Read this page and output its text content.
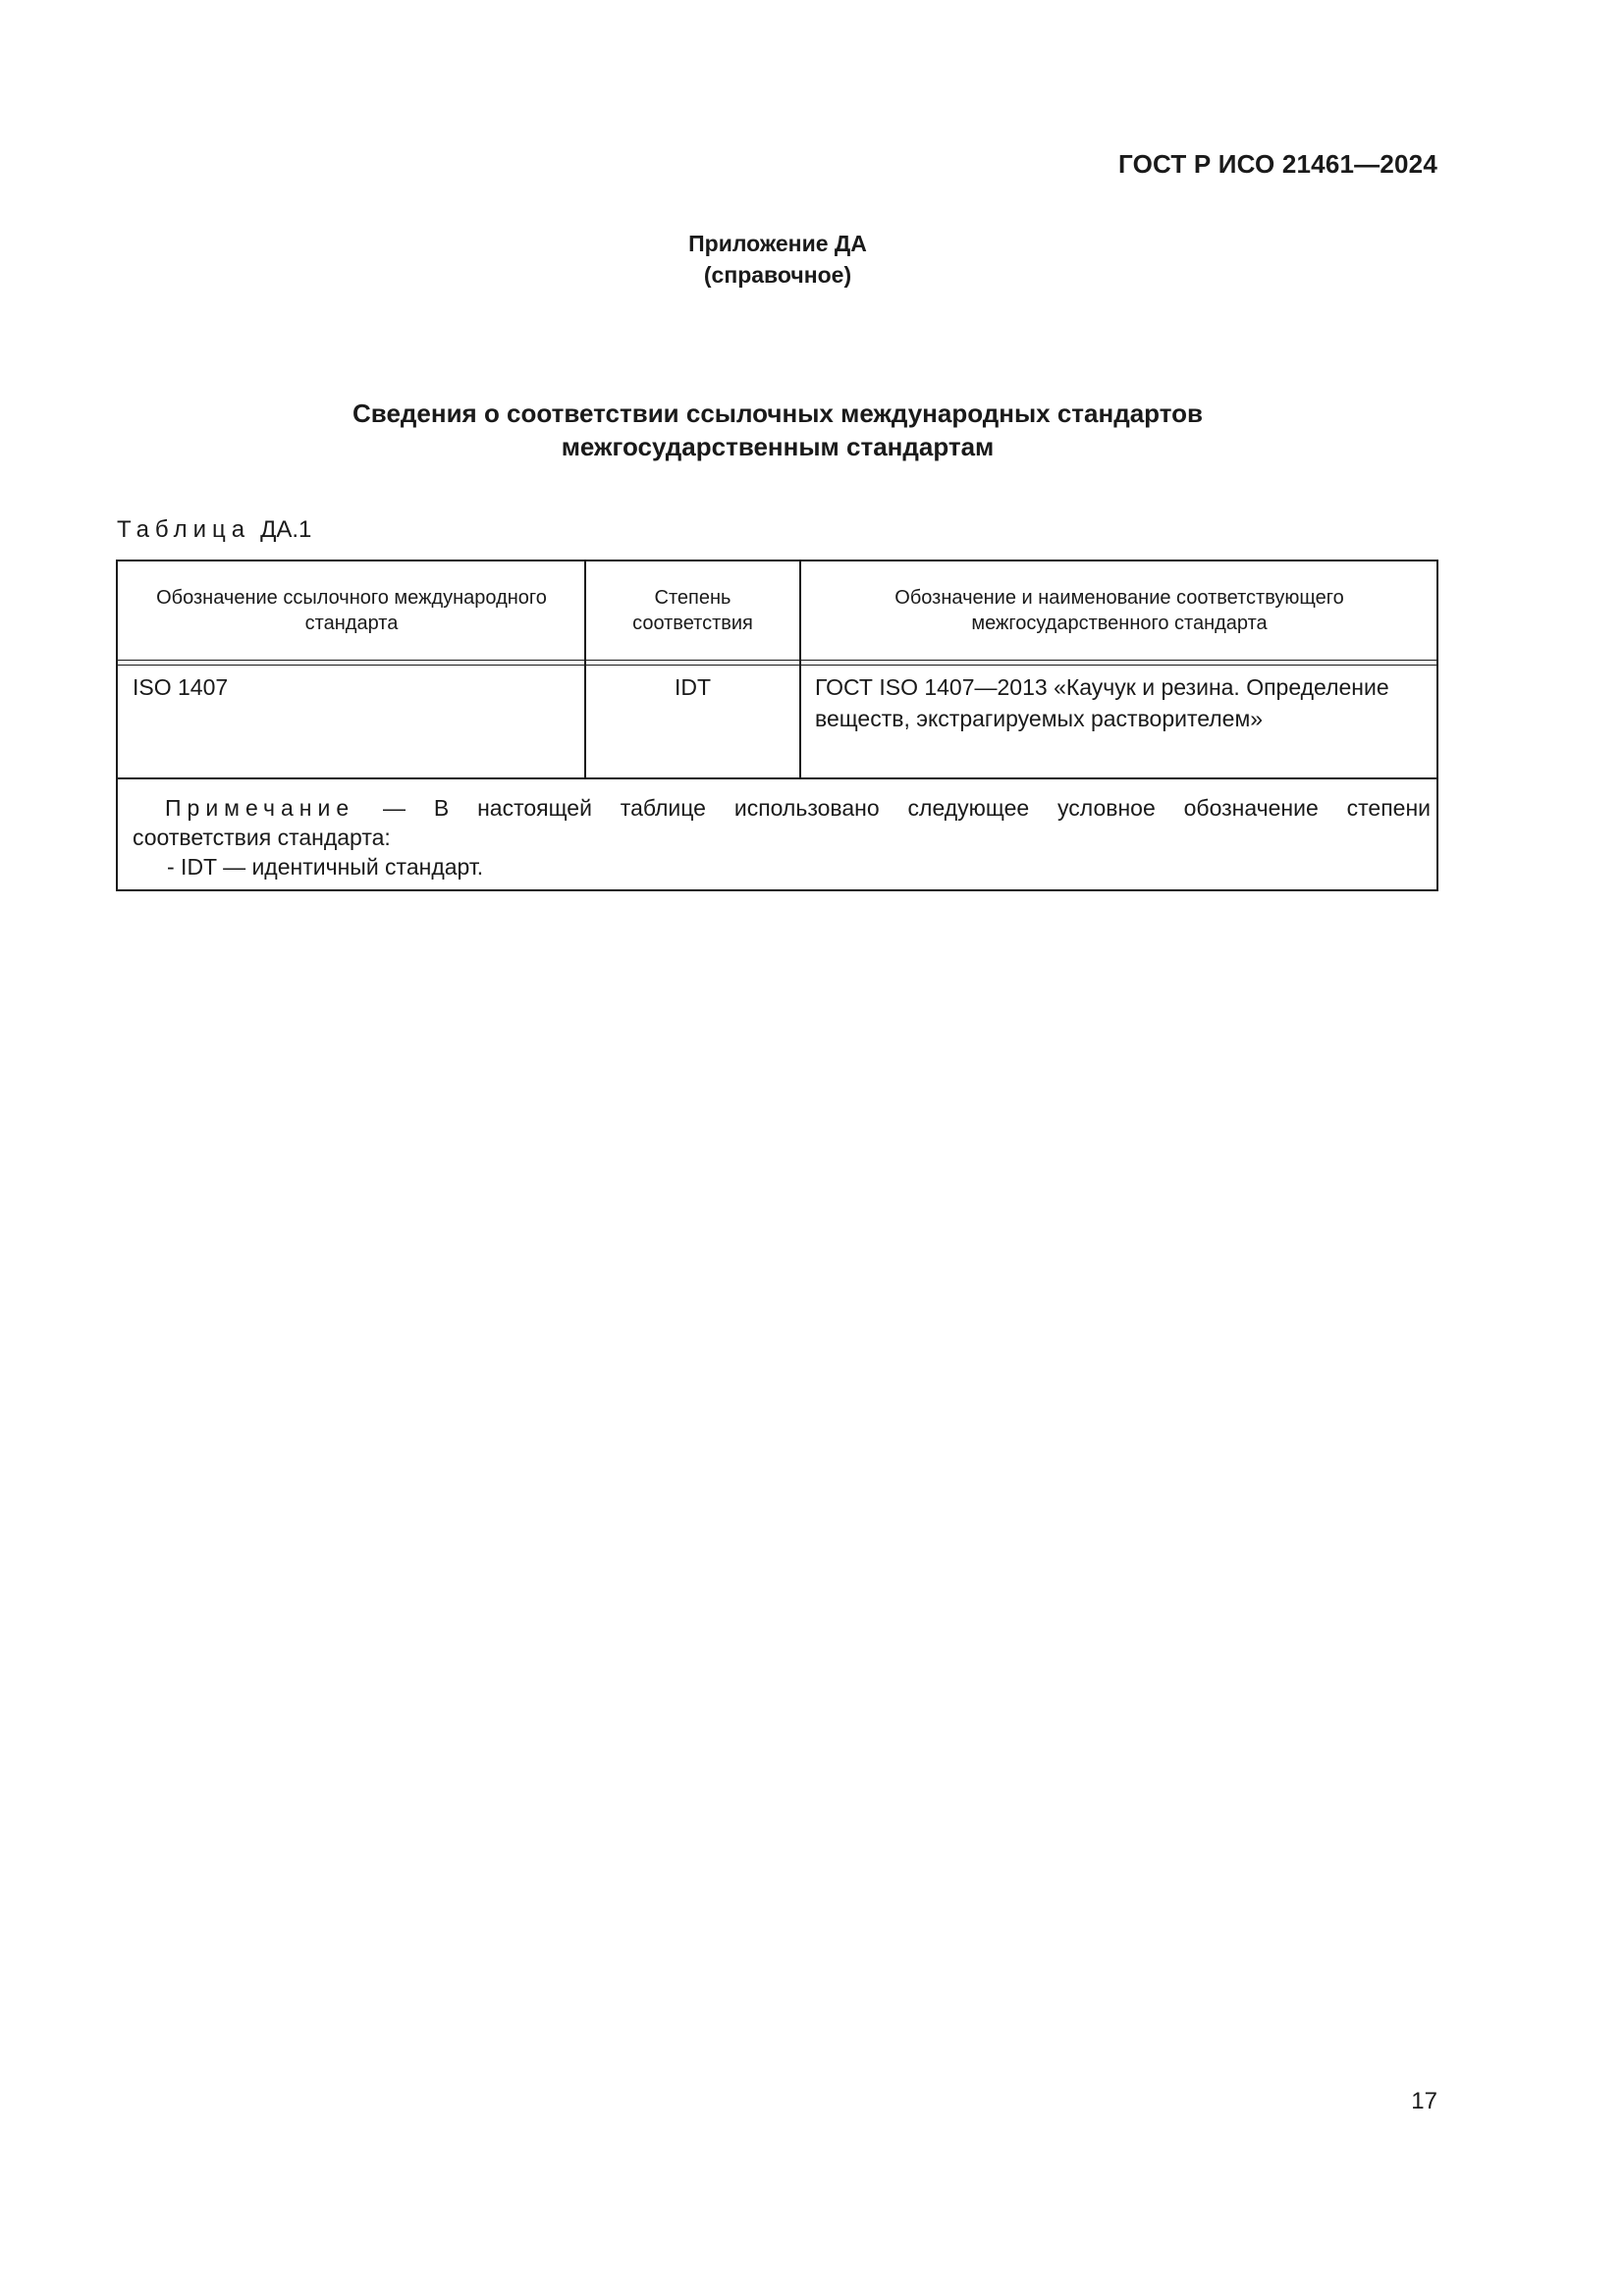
ГОСТ Р ИСО 21461—2024
Приложение ДА
(справочное)
Сведения о соответствии ссылочных международных стандартов
межгосударственным стандартам
Таблица ДА.1
Обозначение ссылочного международного стандарта
Степень соответствия
Обозначение и наименование соответствующего межгосударственного стандарта
ISO 1407	IDT	ГОСТ ISO 1407—2013 «Каучук и резина. Определение веществ, экстрагируемых растворителем»
Примечание — В настоящей таблице использовано следующее условное обозначение степени
соответствия стандарта:
- IDT — идентичный стандарт.
17
